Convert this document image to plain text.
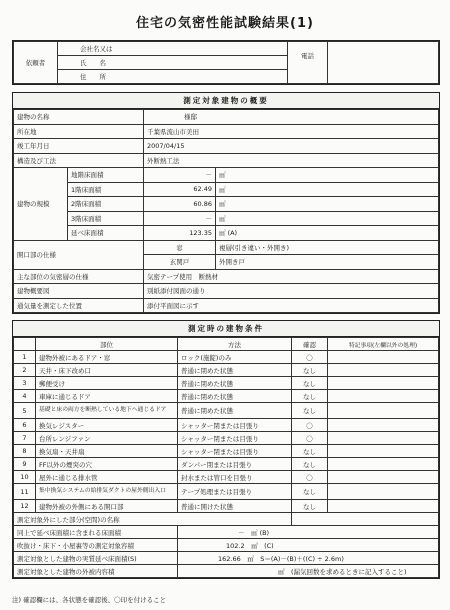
住宅の気密性能試験結果(1)
依頼者	会社名又は	電話	
	氏　　名		
	住　　所		
測定対象建物の概要
建物の名称		様邸	
所在地		千葉県流山市美田	
竣工年月日		2007/04/15	
構造及び工法		外断熱工法	
建物の規模	地階床面積	－	㎡
	1階床面積	62.49	㎡
	2階床面積	60.86	㎡
	3階床面積	－	㎡
	延べ床面積	123.35	㎡ (A)
開口部の仕様		窓	複層(引き違い・外開き)
		玄関戸	外開き戸
主な部位の気密層の仕様		気密テープ使用　断熱材	
建物概要図		別紙添付図面の通り	
通気量を測定した位置		添付平面図に示す	
測定時の建物条件
	部位	方法	確認	特記事項(左欄以外の処理)
1	建物外被にあるドア・窓	ロック(施錠)のみ	〇	
2	天井・床下改め口	普通に閉めた状態	なし	
3	郵便受け	普通に閉めた状態	なし	
4	車庫に通じるドア	普通に閉めた状態	なし	
5	基礎と床の両方を断熱している地下へ通じるドア	普通に閉めた状態	なし	
6	換気レジスター	シャッター閉または目張り	〇	
7	台所レンジファン	シャッター閉または目張り	〇	
8	換気扇・天井扇	シャッター閉または目張り	なし	
9	FF以外の煙突の穴	ダンパー閉または目張り	なし	
10	屋外に通じる排水管	封水または管口を目張り	〇	
11	集中換気システムの給排気ダクトの屋外側出入口	テープ処理または目張り	なし	
12	建物外被の外側にある開口部	普通に開けた状態	なし	
測定対象外にした部分(空間)の名称				
同上で延べ床面積に含まれる床面積		－　㎡ (B)		
吹抜け・床下・小屋裏等の測定対象容積		102.2　㎥　(C)		
測定対象とした建物の実質延べ床面積(S)		162.66　㎡　S＝(A)－(B)＋((C) ÷ 2.6m)		
測定対象とした建物の外被内容積		㎥　(漏気回数を求めるときに記入すること)		
注) 確認欄には、各状態を確認後、〇印を付けること
